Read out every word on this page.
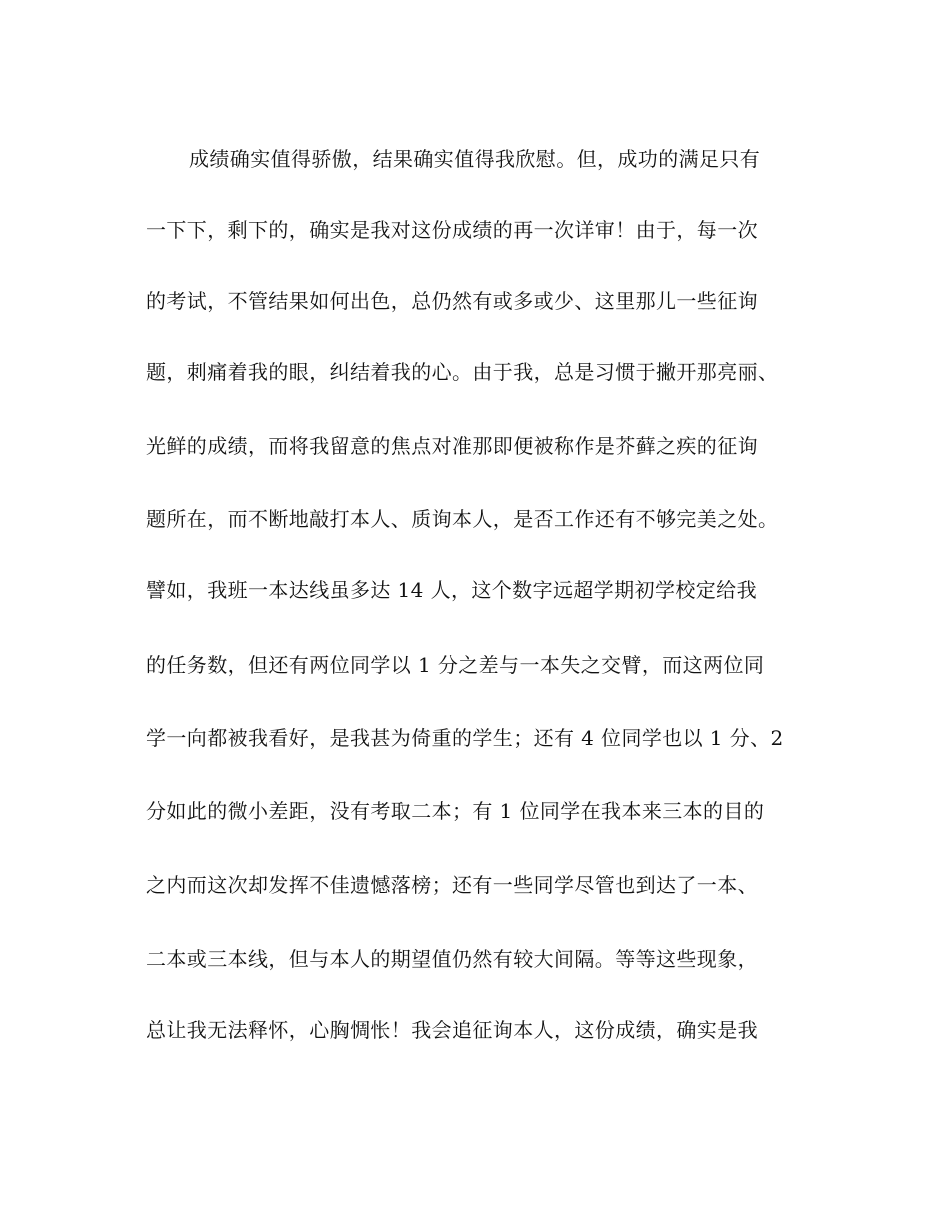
成绩确实值得骄傲，结果确实值得我欣慰。但，成功的满足只有
一下下，剩下的，确实是我对这份成绩的再一次详审！由于，每一次
的考试，不管结果如何出色，总仍然有或多或少、这里那儿一些征询
题，刺痛着我的眼，纠结着我的心。由于我，总是习惯于撇开那亮丽、
光鲜的成绩，而将我留意的焦点对准那即便被称作是芥藓之疾的征询
题所在，而不断地敲打本人、质询本人，是否工作还有不够完美之处。
譬如，我班一本达线虽多达 14 人，这个数字远超学期初学校定给我
的任务数，但还有两位同学以 1 分之差与一本失之交臂，而这两位同
学一向都被我看好，是我甚为倚重的学生；还有 4 位同学也以 1 分、2
分如此的微小差距，没有考取二本；有 1 位同学在我本来三本的目的
之内而这次却发挥不佳遗憾落榜；还有一些同学尽管也到达了一本、
二本或三本线，但与本人的期望值仍然有较大间隔。等等这些现象，
总让我无法释怀，心胸惆怅！我会追征询本人，这份成绩，确实是我
